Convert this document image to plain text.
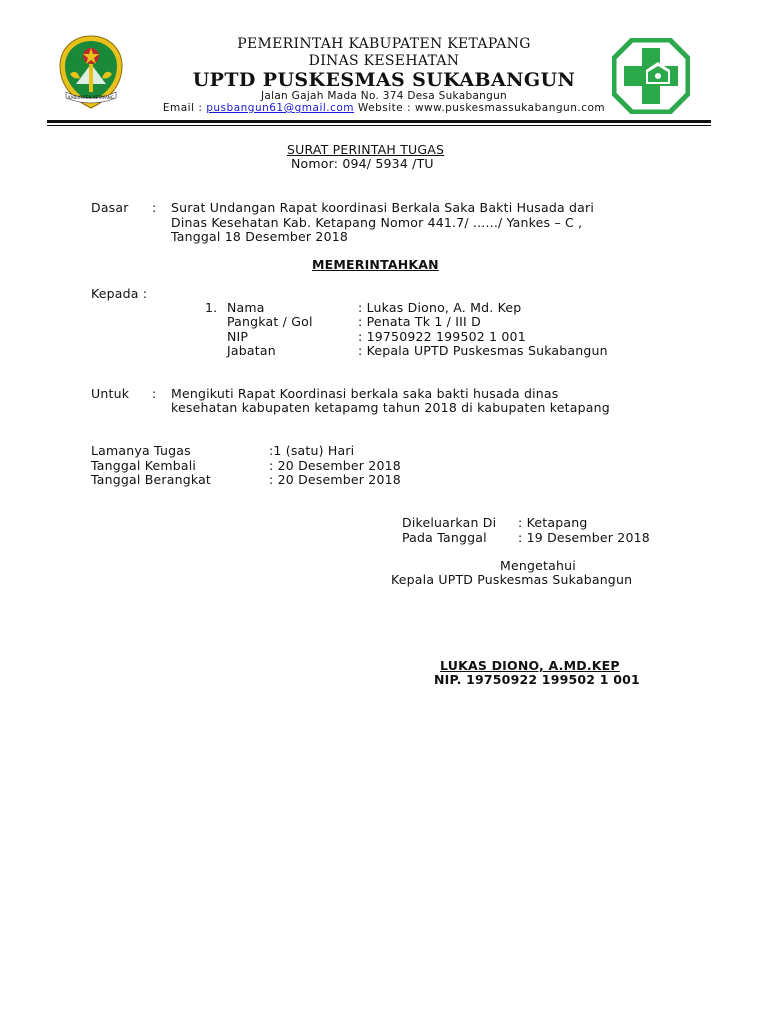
KABUPATEN KETAPANG
PEMERINTAH KABUPATEN KETAPANG
DINAS KESEHATAN
UPTD PUSKESMAS SUKABANGUN
Jalan Gajah Mada No. 374 Desa Sukabangun
Email : pusbangun61@gmail.com Website : www.puskesmassukabangun.com
SURAT PERINTAH TUGAS
Nomor: 094/ 5934 /TU
Dasar : Surat Undangan Rapat koordinasi Berkala Saka Bakti Husada dari
Dinas Kesehatan Kab. Ketapang Nomor 441.7/ ....../ Yankes – C ,
Tanggal 18 Desember 2018
MEMERINTAHKAN
Kepada :
1. Nama	: Lukas Diono, A. Md. Kep
Pangkat / Gol	: Penata Tk 1 / III D
NIP	: 19750922 199502 1 001
Jabatan	: Kepala UPTD Puskesmas Sukabangun
Untuk : Mengikuti Rapat Koordinasi berkala saka bakti husada dinas
kesehatan kabupaten ketapamg tahun 2018 di kabupaten ketapang
Lamanya Tugas	:1 (satu) Hari
Tanggal Kembali	: 20 Desember 2018
Tanggal Berangkat	: 20 Desember 2018
Dikeluarkan Di : Ketapang
Pada Tanggal : 19 Desember 2018
Mengetahui
Kepala UPTD Puskesmas Sukabangun
LUKAS DIONO, A.MD.KEP
NIP. 19750922 199502 1 001
